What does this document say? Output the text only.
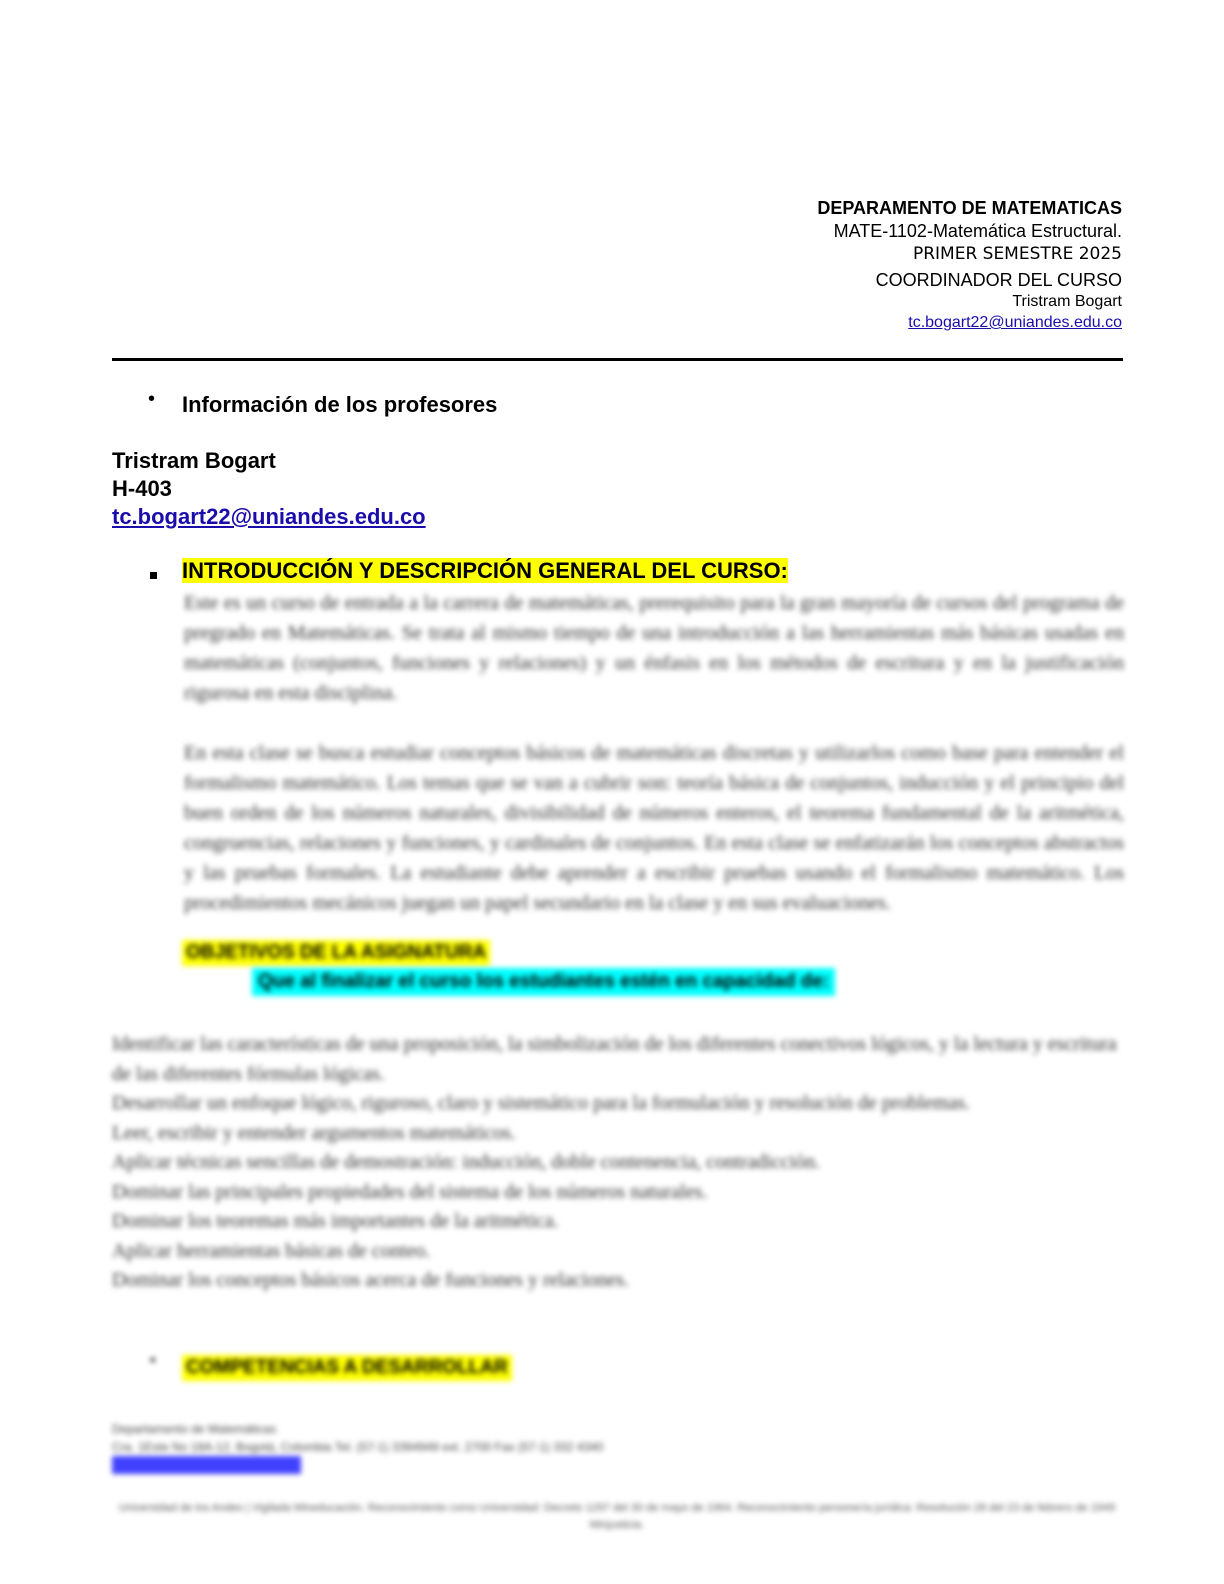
DEPARAMENTO DE MATEMATICAS
MATE-1102-Matemática Estructural.
PRIMER SEMESTRE 2025
COORDINADOR DEL CURSO
Tristram Bogart
tc.bogart22@uniandes.edu.co
• Información de los profesores
Tristram Bogart
H-403
tc.bogart22@uniandes.edu.co
INTRODUCCIÓN Y DESCRIPCIÓN GENERAL DEL CURSO:
Este es un curso de entrada a la carrera de matemáticas, prerequisito para la gran mayoría de cursos del programa de pregrado en Matemáticas. Se trata al mismo tiempo de una introducción a las herramientas más básicas usadas en matemáticas (conjuntos, funciones y relaciones) y un énfasis en los métodos de escritura y en la justificación rigurosa en esta disciplina.
En esta clase se busca estudiar conceptos básicos de matemáticas discretas y utilizarlos como base para entender el formalismo matemático. Los temas que se van a cubrir son: teoría básica de conjuntos, inducción y el principio del buen orden de los números naturales, divisibilidad de números enteros, el teorema fundamental de la aritmética, congruencias, relaciones y funciones, y cardinales de conjuntos. En esta clase se enfatizarán los conceptos abstractos y las pruebas formales. La estudiante debe aprender a escribir pruebas usando el formalismo matemático. Los procedimientos mecánicos juegan un papel secundario en la clase y en sus evaluaciones.
OBJETIVOS DE LA ASIGNATURA
Que al finalizar el curso los estudiantes estén en capacidad de:
Identificar las características de una proposición, la simbolización de los diferentes conectivos lógicos, y la lectura y escritura de las diferentes fórmulas lógicas.
Desarrollar un enfoque lógico, riguroso, claro y sistemático para la formulación y resolución de problemas.
Leer, escribir y entender argumentos matemáticos.
Aplicar técnicas sencillas de demostración: inducción, doble contenencia, contradicción.
Dominar las principales propiedades del sistema de los números naturales.
Dominar los teoremas más importantes de la aritmética.
Aplicar herramientas básicas de conteo.
Dominar los conceptos básicos acerca de funciones y relaciones.
• COMPETENCIAS A DESARROLLAR
Departamento de Matemáticas
Cra. 1Este No 18A-12, Bogotá, Colombia Tel. (57-1) 3394949 ext. 2700 Fax (57-1) 332 4340
http://matematicas.uniandes.edu.co
Universidad de los Andes | Vigilada Mineducación. Reconocimiento como Universidad: Decreto 1297 del 30 de mayo de 1964. Reconocimiento personería jurídica: Resolución 28 del 23 de febrero de 1949 Minjusticia.
